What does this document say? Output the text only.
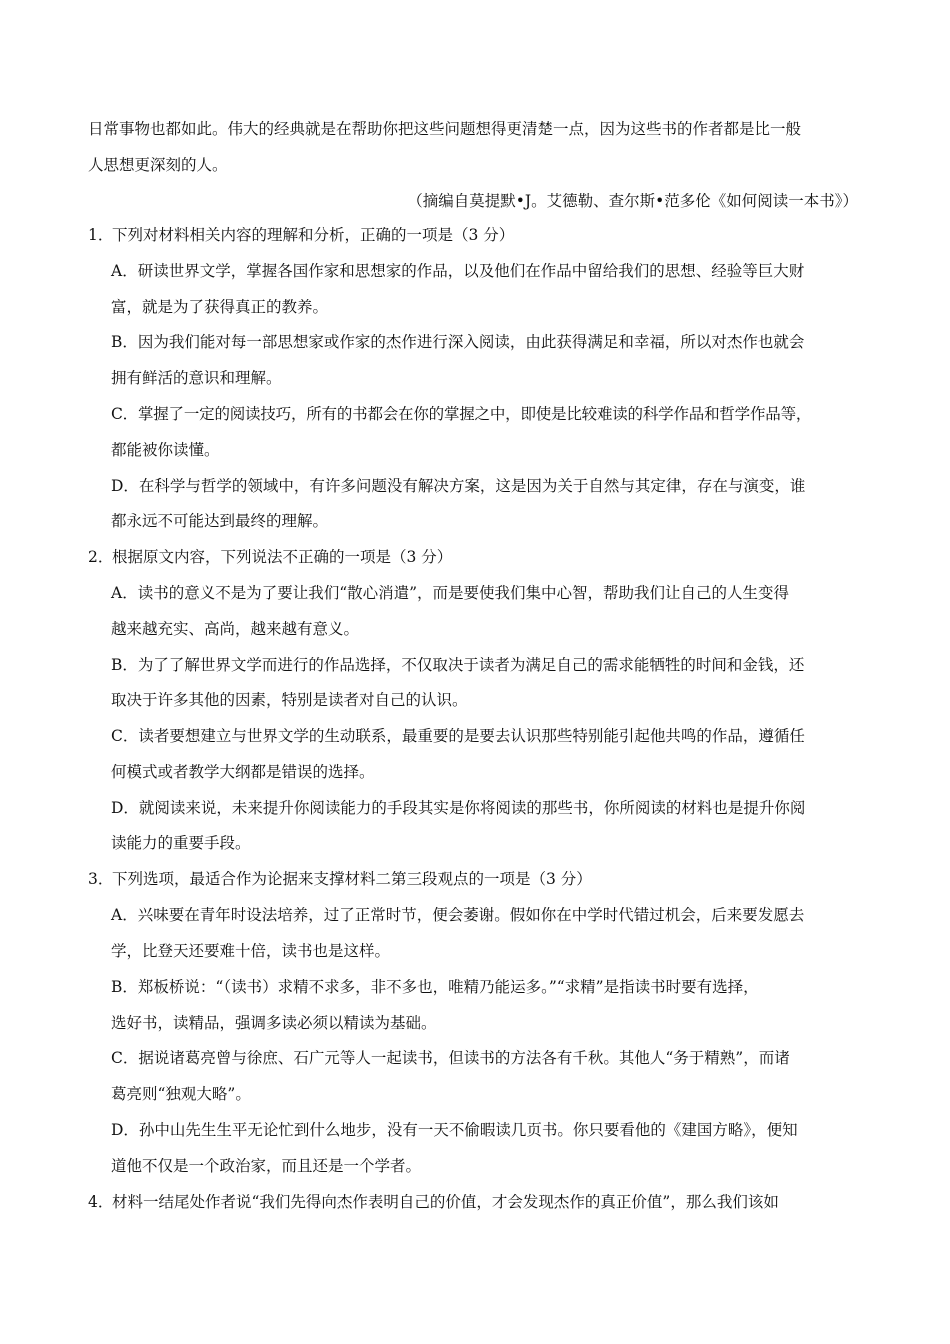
日常事物也都如此。伟大的经典就是在帮助你把这些问题想得更清楚一点，因为这些书的作者都是比一般
人思想更深刻的人。
（摘编自莫提默•J。艾德勒、查尔斯•范多伦《如何阅读一本书》）
1．下列对材料相关内容的理解和分析，正确的一项是（3 分）
A．研读世界文学，掌握各国作家和思想家的作品，以及他们在作品中留给我们的思想、经验等巨大财
富，就是为了获得真正的教养。
B．因为我们能对每一部思想家或作家的杰作进行深入阅读，由此获得满足和幸福，所以对杰作也就会
拥有鲜活的意识和理解。
C．掌握了一定的阅读技巧，所有的书都会在你的掌握之中，即使是比较难读的科学作品和哲学作品等，
都能被你读懂。
D．在科学与哲学的领域中，有许多问题没有解决方案，这是因为关于自然与其定律，存在与演变，谁
都永远不可能达到最终的理解。
2．根据原文内容，下列说法不正确的一项是（3 分）
A．读书的意义不是为了要让我们“散心消遣”，而是要使我们集中心智，帮助我们让自己的人生变得
越来越充实、高尚，越来越有意义。
B．为了了解世界文学而进行的作品选择，不仅取决于读者为满足自己的需求能牺牲的时间和金钱，还
取决于许多其他的因素，特别是读者对自己的认识。
C．读者要想建立与世界文学的生动联系，最重要的是要去认识那些特别能引起他共鸣的作品，遵循任
何模式或者教学大纲都是错误的选择。
D．就阅读来说，未来提升你阅读能力的手段其实是你将阅读的那些书，你所阅读的材料也是提升你阅
读能力的重要手段。
3．下列选项，最适合作为论据来支撑材料二第三段观点的一项是（3 分）
A．兴味要在青年时设法培养，过了正常时节，便会萎谢。假如你在中学时代错过机会，后来要发愿去
学，比登天还要难十倍，读书也是这样。
B．郑板桥说：“（读书）求精不求多，非不多也，唯精乃能运多。”“求精”是指读书时要有选择，
选好书，读精品，强调多读必须以精读为基础。
C．据说诸葛亮曾与徐庶、石广元等人一起读书，但读书的方法各有千秋。其他人“务于精熟”，而诸
葛亮则“独观大略”。
D．孙中山先生生平无论忙到什么地步，没有一天不偷暇读几页书。你只要看他的《建国方略》，便知
道他不仅是一个政治家，而且还是一个学者。
4．材料一结尾处作者说“我们先得向杰作表明自己的价值，才会发现杰作的真正价值”，那么我们该如
